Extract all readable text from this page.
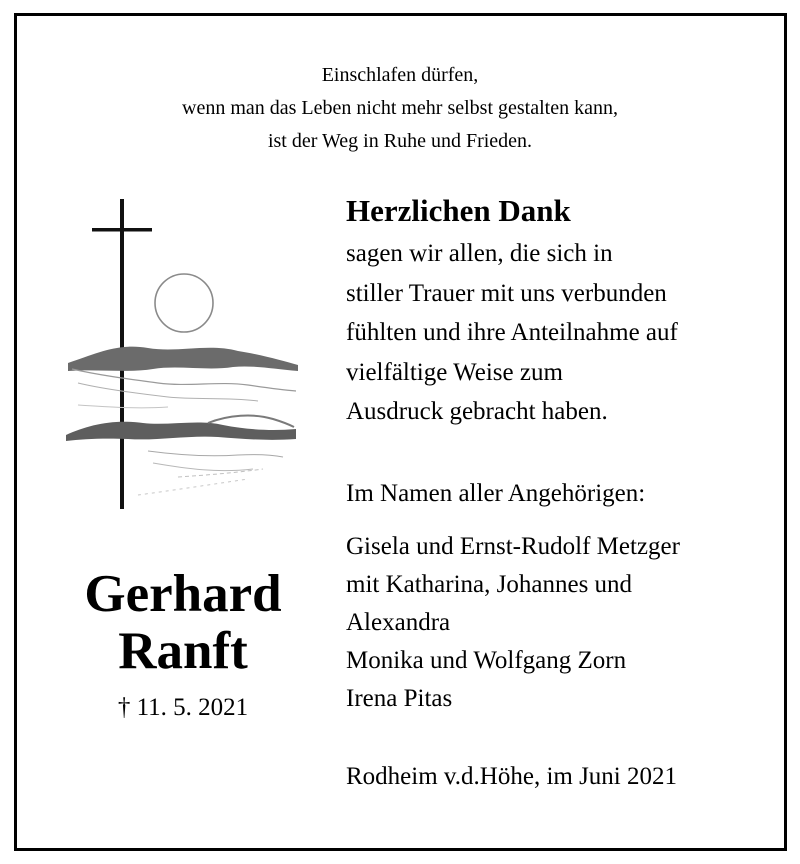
Einschlafen dürfen,
wenn man das Leben nicht mehr selbst gestalten kann,
ist der Weg in Ruhe und Frieden.
Gerhard
Ranft
† 11. 5. 2021
Herzlichen Dank
sagen wir allen, die sich in
stiller Trauer mit uns verbunden
fühlten und ihre Anteilnahme auf
vielfältige Weise zum
Ausdruck gebracht haben.
Im Namen aller Angehörigen:
Gisela und Ernst-Rudolf Metzger
mit Katharina, Johannes und
Alexandra
Monika und Wolfgang Zorn
Irena Pitas
Rodheim v.d.Höhe, im Juni 2021
